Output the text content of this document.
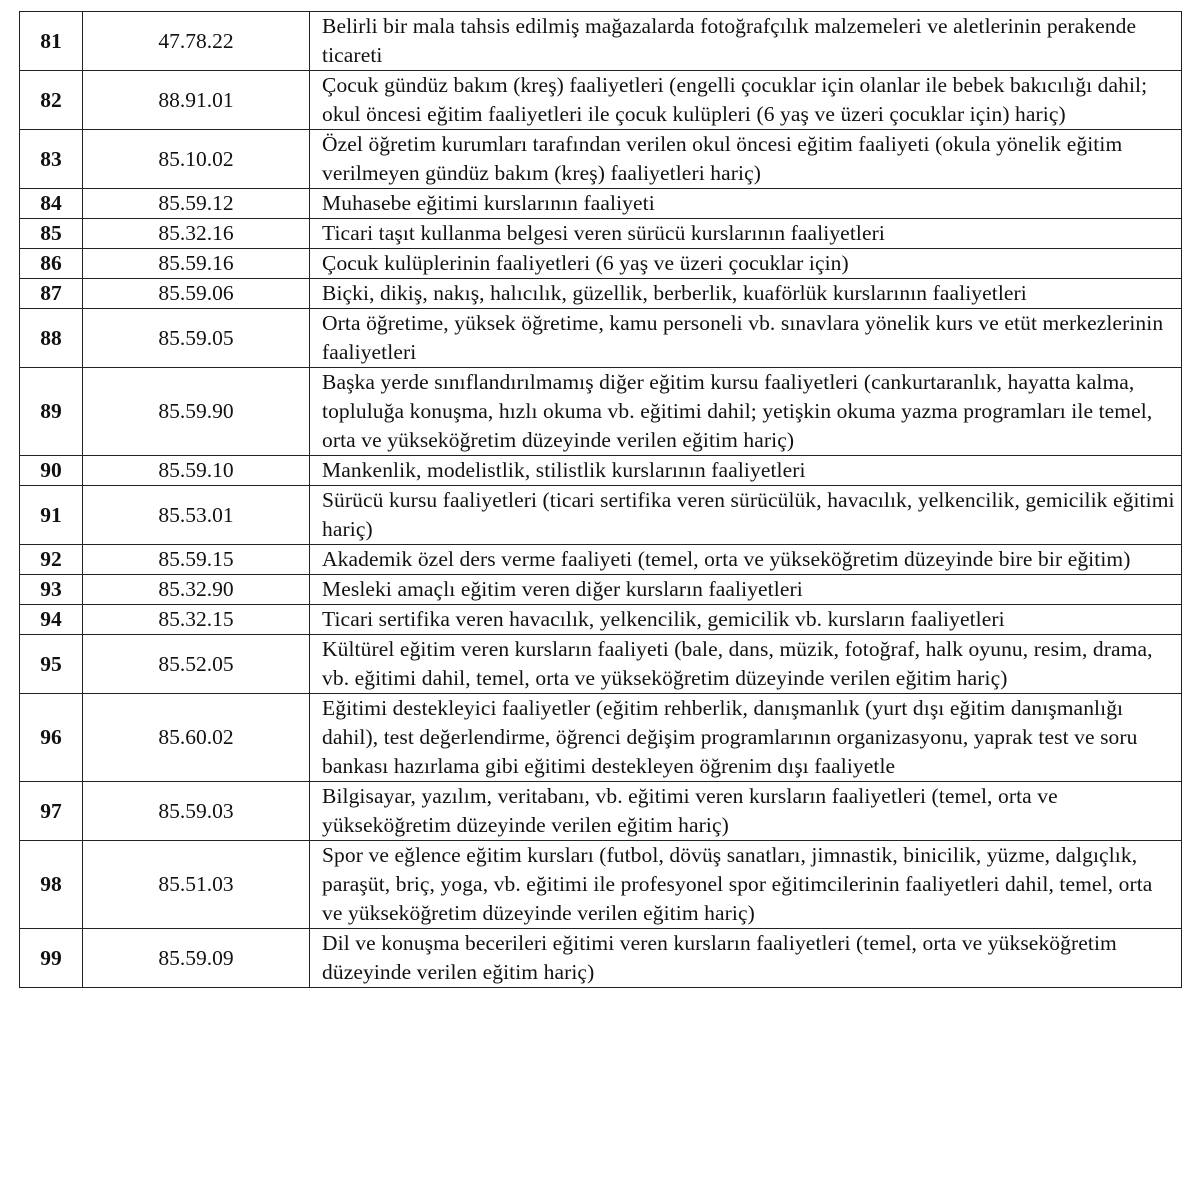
81	47.78.22	Belirli bir mala tahsis edilmiş mağazalarda fotoğrafçılık malzemeleri ve aletlerinin perakende ticareti
82	88.91.01	Çocuk gündüz bakım (kreş) faaliyetleri (engelli çocuklar için olanlar ile bebek bakıcılığı dahil; okul öncesi eğitim faaliyetleri ile çocuk kulüpleri (6 yaş ve üzeri çocuklar için) hariç)
83	85.10.02	Özel öğretim kurumları tarafından verilen okul öncesi eğitim faaliyeti (okula yönelik eğitim verilmeyen gündüz bakım (kreş) faaliyetleri hariç)
84	85.59.12	Muhasebe eğitimi kurslarının faaliyeti
85	85.32.16	Ticari taşıt kullanma belgesi veren sürücü kurslarının faaliyetleri
86	85.59.16	Çocuk kulüplerinin faaliyetleri (6 yaş ve üzeri çocuklar için)
87	85.59.06	Biçki, dikiş, nakış, halıcılık, güzellik, berberlik, kuaförlük kurslarının faaliyetleri
88	85.59.05	Orta öğretime, yüksek öğretime, kamu personeli vb. sınavlara yönelik kurs ve etüt merkezlerinin faaliyetleri
89	85.59.90	Başka yerde sınıflandırılmamış diğer eğitim kursu faaliyetleri (cankurtaranlık, hayatta kalma, topluluğa konuşma, hızlı okuma vb. eğitimi dahil; yetişkin okuma yazma programları ile temel, orta ve yükseköğretim düzeyinde verilen eğitim hariç)
90	85.59.10	Mankenlik, modelistlik, stilistlik kurslarının faaliyetleri
91	85.53.01	Sürücü kursu faaliyetleri (ticari sertifika veren sürücülük, havacılık, yelkencilik, gemicilik eğitimi hariç)
92	85.59.15	Akademik özel ders verme faaliyeti (temel, orta ve yükseköğretim düzeyinde bire bir eğitim)
93	85.32.90	Mesleki amaçlı eğitim veren diğer kursların faaliyetleri
94	85.32.15	Ticari sertifika veren havacılık, yelkencilik, gemicilik vb. kursların faaliyetleri
95	85.52.05	Kültürel eğitim veren kursların faaliyeti (bale, dans, müzik, fotoğraf, halk oyunu, resim, drama, vb. eğitimi dahil, temel, orta ve yükseköğretim düzeyinde verilen eğitim hariç)
96	85.60.02	Eğitimi destekleyici faaliyetler (eğitim rehberlik, danışmanlık (yurt dışı eğitim danışmanlığı dahil), test değerlendirme, öğrenci değişim programlarının organizasyonu, yaprak test ve soru bankası hazırlama gibi eğitimi destekleyen öğrenim dışı faaliyetle
97	85.59.03	Bilgisayar, yazılım, veritabanı, vb. eğitimi veren kursların faaliyetleri (temel, orta ve yükseköğretim düzeyinde verilen eğitim hariç)
98	85.51.03	Spor ve eğlence eğitim kursları (futbol, dövüş sanatları, jimnastik, binicilik, yüzme, dalgıçlık, paraşüt, briç, yoga, vb. eğitimi ile profesyonel spor eğitimcilerinin faaliyetleri dahil, temel, orta ve yükseköğretim düzeyinde verilen eğitim hariç)
99	85.59.09	Dil ve konuşma becerileri eğitimi veren kursların faaliyetleri (temel, orta ve yükseköğretim düzeyinde verilen eğitim hariç)
